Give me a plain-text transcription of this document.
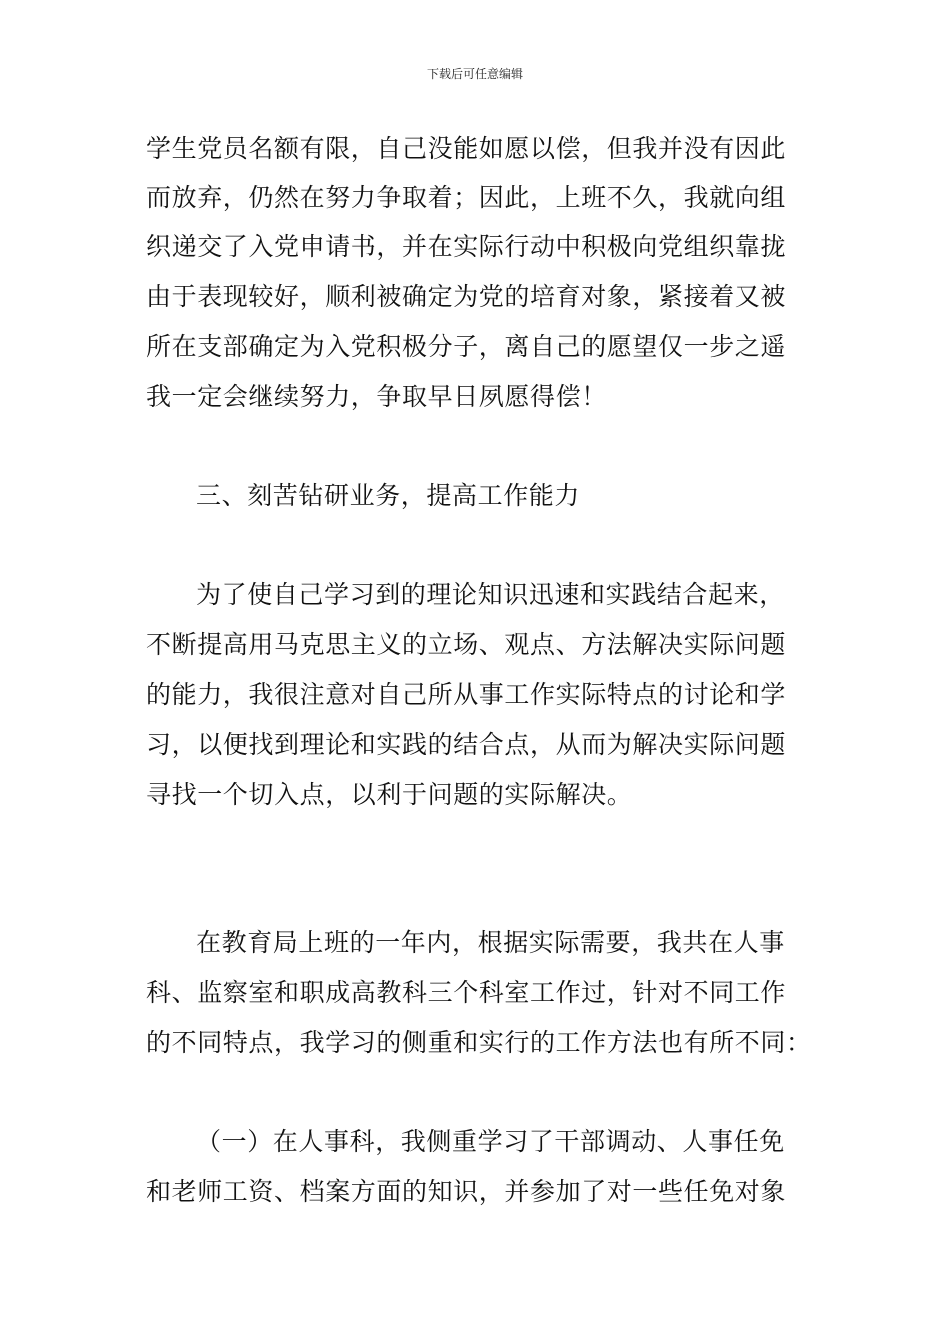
下载后可任意编辑
学生党员名额有限，自己没能如愿以偿，但我并没有因此
而放弃，仍然在努力争取着；因此，上班不久，我就向组
织递交了入党申请书，并在实际行动中积极向党组织靠拢
由于表现较好，顺利被确定为党的培育对象，紧接着又被
所在支部确定为入党积极分子，离自己的愿望仅一步之遥
我一定会继续努力，争取早日夙愿得偿！
三、刻苦钻研业务，提高工作能力
为了使自己学习到的理论知识迅速和实践结合起来，
不断提高用马克思主义的立场、观点、方法解决实际问题
的能力，我很注意对自己所从事工作实际特点的讨论和学
习，以便找到理论和实践的结合点，从而为解决实际问题
寻找一个切入点，以利于问题的实际解决。
在教育局上班的一年内，根据实际需要，我共在人事
科、监察室和职成高教科三个科室工作过，针对不同工作
的不同特点，我学习的侧重和实行的工作方法也有所不同：
（一）在人事科，我侧重学习了干部调动、人事任免
和老师工资、档案方面的知识，并参加了对一些任免对象
